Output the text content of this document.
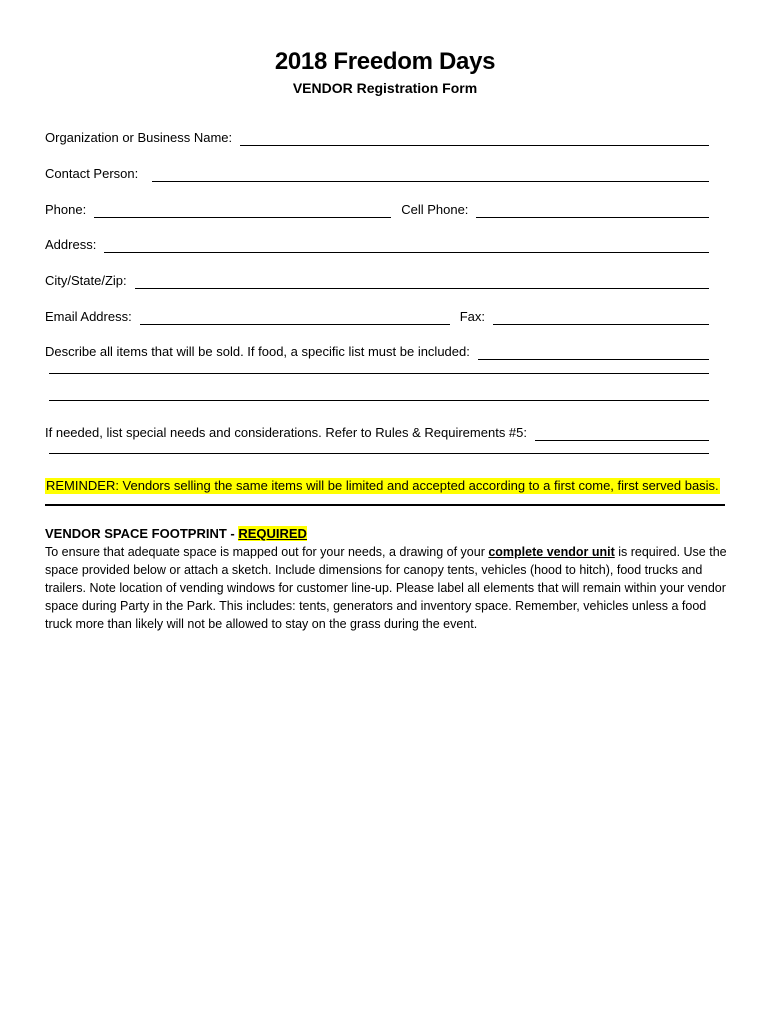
2018 Freedom Days
VENDOR Registration Form
Organization or Business Name:
Contact Person:
Phone:	Cell Phone:
Address:
City/State/Zip:
Email Address:	Fax:
Describe all items that will be sold. If food, a specific list must be included:
If needed, list special needs and considerations. Refer to Rules & Requirements #5:
REMINDER: Vendors selling the same items will be limited and accepted according to a first come, first served basis.
VENDOR SPACE FOOTPRINT - REQUIRED
To ensure that adequate space is mapped out for your needs, a drawing of your complete vendor unit is required. Use the space provided below or attach a sketch. Include dimensions for canopy tents, vehicles (hood to hitch), food trucks and trailers. Note location of vending windows for customer line-up. Please label all elements that will remain within your vendor space during Party in the Park. This includes: tents, generators and inventory space. Remember, vehicles unless a food truck more than likely will not be allowed to stay on the grass during the event.
